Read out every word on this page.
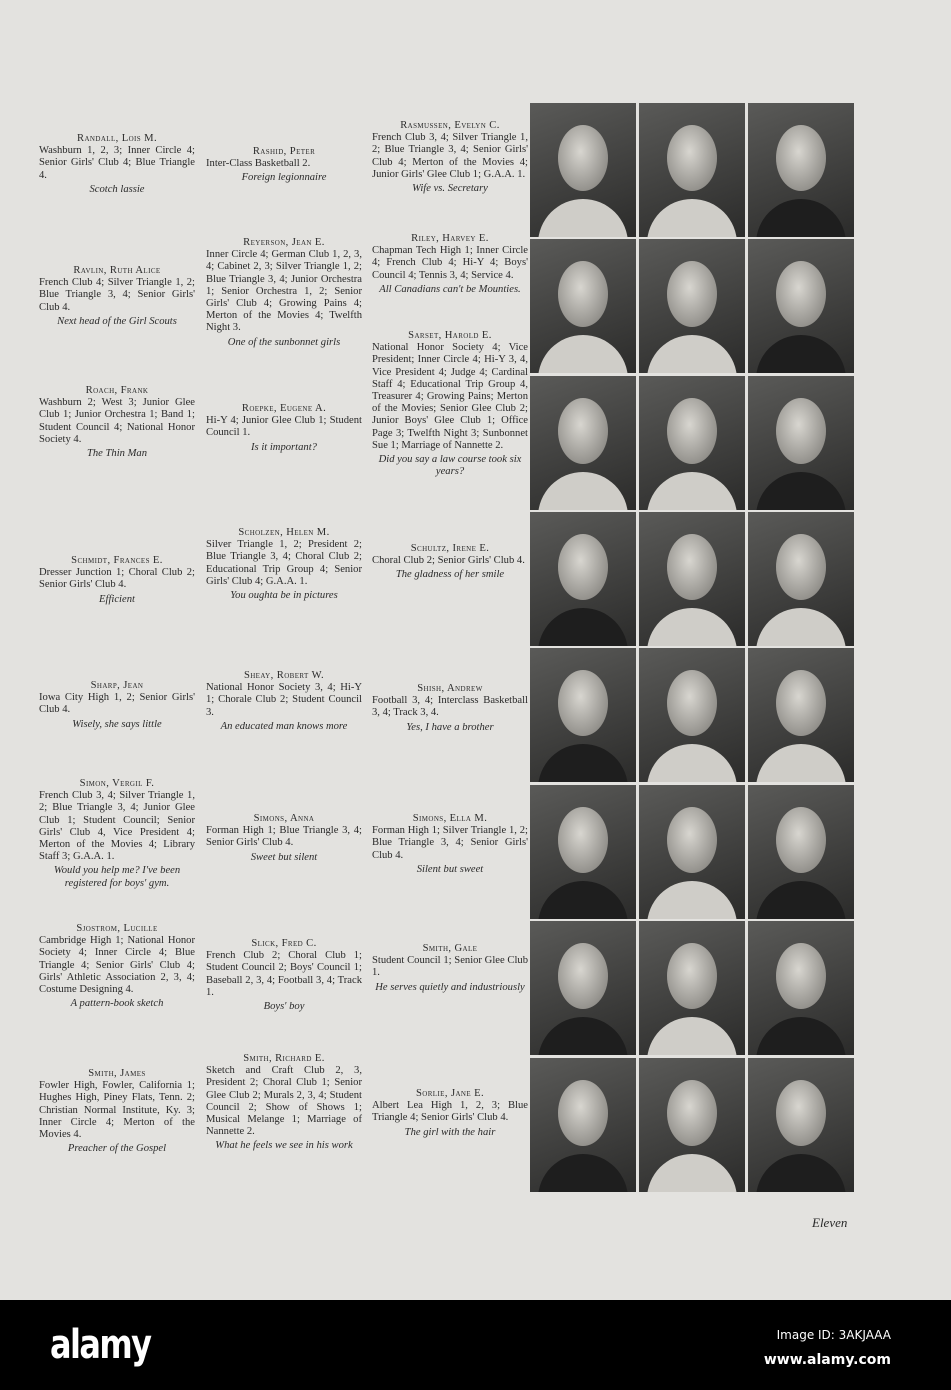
Randall, Lois M.
Washburn 1, 2, 3; Inner Circle 4; Senior Girls' Club 4; Blue Triangle 4.
Scotch lassie
Ravlin, Ruth Alice
French Club 4; Silver Triangle 1, 2; Blue Triangle 3, 4; Senior Girls' Club 4.
Next head of the Girl Scouts
Roach, Frank
Washburn 2; West 3; Junior Glee Club 1; Junior Orchestra 1; Band 1; Student Council 4; National Honor Society 4.
The Thin Man
Schmidt, Frances E.
Dresser Junction 1; Choral Club 2; Senior Girls' Club 4.
Efficient
Sharp, Jean
Iowa City High 1, 2; Senior Girls' Club 4.
Wisely, she says little
Simon, Vergil F.
French Club 3, 4; Silver Triangle 1, 2; Blue Triangle 3, 4; Junior Glee Club 1; Student Council; Senior Girls' Club 4, Vice President 4; Merton of the Movies 4; Library Staff 3; G.A.A. 1.
Would you help me? I've been registered for boys' gym.
Sjostrom, Lucille
Cambridge High 1; National Honor Society 4; Inner Circle 4; Blue Triangle 4; Senior Girls' Club 4; Girls' Athletic Association 2, 3, 4; Costume Designing 4.
A pattern-book sketch
Smith, James
Fowler High, Fowler, California 1; Hughes High, Piney Flats, Tenn. 2; Christian Normal Institute, Ky. 3; Inner Circle 4; Merton of the Movies 4.
Preacher of the Gospel
Rashid, Peter
Inter-Class Basketball 2.
Foreign legionnaire
Reyerson, Jean E.
Inner Circle 4; German Club 1, 2, 3, 4; Cabinet 2, 3; Silver Triangle 1, 2; Blue Triangle 3, 4; Junior Orchestra 1; Senior Orchestra 1, 2; Senior Girls' Club 4; Growing Pains 4; Merton of the Movies 4; Twelfth Night 3.
One of the sunbonnet girls
Roepke, Eugene A.
Hi-Y 4; Junior Glee Club 1; Student Council 1.
Is it important?
Scholzen, Helen M.
Silver Triangle 1, 2; President 2; Blue Triangle 3, 4; Choral Club 2; Educational Trip Group 4; Senior Girls' Club 4; G.A.A. 1.
You oughta be in pictures
Sheay, Robert W.
National Honor Society 3, 4; Hi-Y 1; Chorale Club 2; Student Council 3.
An educated man knows more
Simons, Anna
Forman High 1; Blue Triangle 3, 4; Senior Girls' Club 4.
Sweet but silent
Slick, Fred C.
French Club 2; Choral Club 1; Student Council 2; Boys' Council 1; Baseball 2, 3, 4; Football 3, 4; Track 1.
Boys' boy
Smith, Richard E.
Sketch and Craft Club 2, 3, President 2; Choral Club 1; Senior Glee Club 2; Murals 2, 3, 4; Student Council 2; Show of Shows 1; Musical Melange 1; Marriage of Nannette 2.
What he feels we see in his work
Rasmussen, Evelyn C.
French Club 3, 4; Silver Triangle 1, 2; Blue Triangle 3, 4; Senior Girls' Club 4; Merton of the Movies 4; Junior Girls' Glee Club 1; G.A.A. 1.
Wife vs. Secretary
Riley, Harvey E.
Chapman Tech High 1; Inner Circle 4; French Club 4; Hi-Y 4; Boys' Council 4; Tennis 3, 4; Service 4.
All Canadians can't be Mounties.
Sarset, Harold E.
National Honor Society 4; Vice President; Inner Circle 4; Hi-Y 3, 4, Vice President 4; Judge 4; Cardinal Staff 4; Educational Trip Group 4, Treasurer 4; Growing Pains; Merton of the Movies; Senior Glee Club 2; Junior Boys' Glee Club 1; Office Page 3; Twelfth Night 3; Sunbonnet Sue 1; Marriage of Nannette 2.
Did you say a law course took six years?
Schultz, Irene E.
Choral Club 2; Senior Girls' Club 4.
The gladness of her smile
Shish, Andrew
Football 3, 4; Interclass Basketball 3, 4; Track 3, 4.
Yes, I have a brother
Simons, Ella M.
Forman High 1; Silver Triangle 1, 2; Blue Triangle 3, 4; Senior Girls' Club 4.
Silent but sweet
Smith, Gale
Student Council 1; Senior Glee Club 1.
He serves quietly and industriously
Sorlie, Jane E.
Albert Lea High 1, 2, 3; Blue Triangle 4; Senior Girls' Club 4.
The girl with the hair
Eleven
alamy	Image ID: 3AKJAAA
www.alamy.com
